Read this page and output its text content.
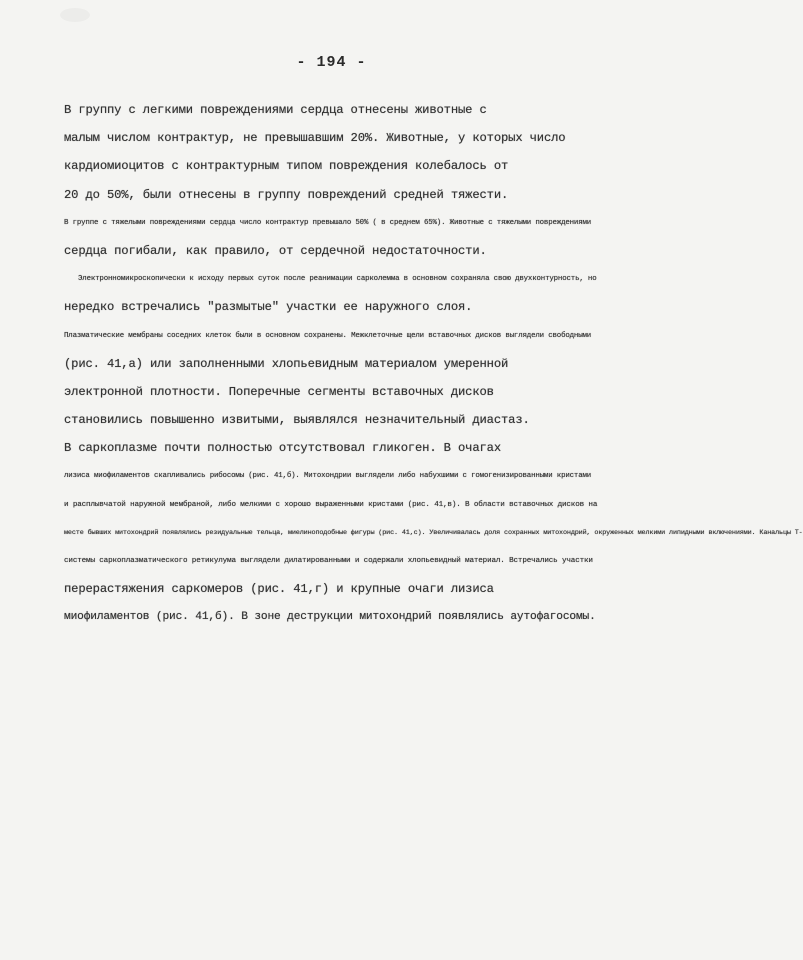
- 194 -
В группу с легкими повреждениями сердца отнесены животные с
малым числом контрактур, не превышавшим 20%. Животные, у которых число
кардиомиоцитов с контрактурным типом повреждения колебалось от
20 до 50%, были отнесены в группу повреждений средней тяжести.
В группе с тяжелыми повреждениями сердца число контрактур превышало 50% ( в среднем 65%). Животные с тяжелыми повреждениями
сердца погибали, как правило, от сердечной недостаточности.
Электронномикроскопически к исходу первых суток после реанимации сарколемма в основном сохраняла свою двухконтурность, но
нередко встречались "размытые" участки ее наружного слоя.
Плазматические мембраны соседних клеток были в основном сохранены. Межклеточные щели вставочных дисков выглядели свободными
(рис. 41,а) или заполненными хлопьевидным материалом умеренной
электронной плотности. Поперечные сегменты вставочных дисков
становились повышенно извитыми, выявлялся незначительный диастаз.
В саркоплазме почти полностью отсутствовал гликоген. В очагах
лизиса миофиламентов скапливались рибосомы (рис. 41,б). Митохондрии выглядели либо набухшими с гомогенизированными кристами
и расплывчатой наружной мембраной, либо мелкими с хорошо выраженными кристами (рис. 41,в). В области вставочных дисков на
месте бывших митохондрий появлялись резидуальные тельца, миелиноподобные фигуры (рис. 41,с). Увеличивалась доля сохранных митохондрий, окруженных мелкими липидными включениями. Канальцы T-
системы саркоплазматического ретикулума выглядели дилатированными и содержали хлопьевидный материал. Встречались участки
перерастяжения саркомеров (рис. 41,г) и крупные очаги лизиса
миофиламентов (рис. 41,б). В зоне деструкции митохондрий появлялись аутофагосомы.
